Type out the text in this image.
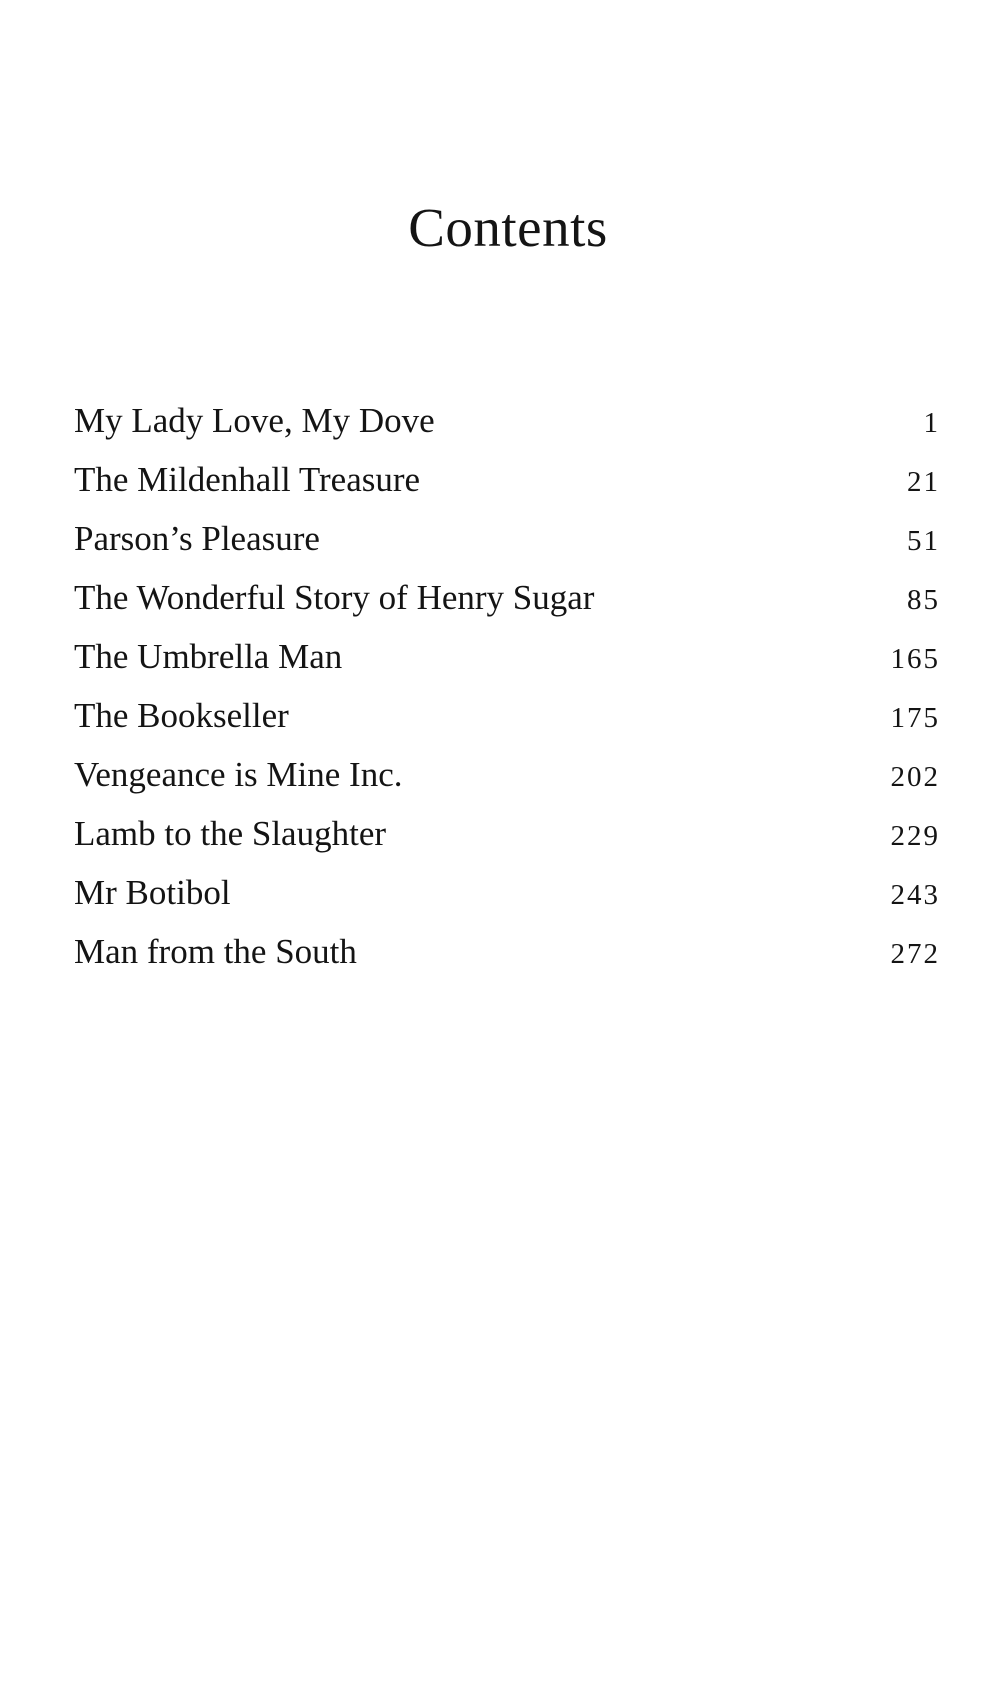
Contents
My Lady Love, My Dove	1
The Mildenhall Treasure	21
Parson’s Pleasure	51
The Wonderful Story of Henry Sugar	85
The Umbrella Man	165
The Bookseller	175
Vengeance is Mine Inc.	202
Lamb to the Slaughter	229
Mr Botibol	243
Man from the South	272
